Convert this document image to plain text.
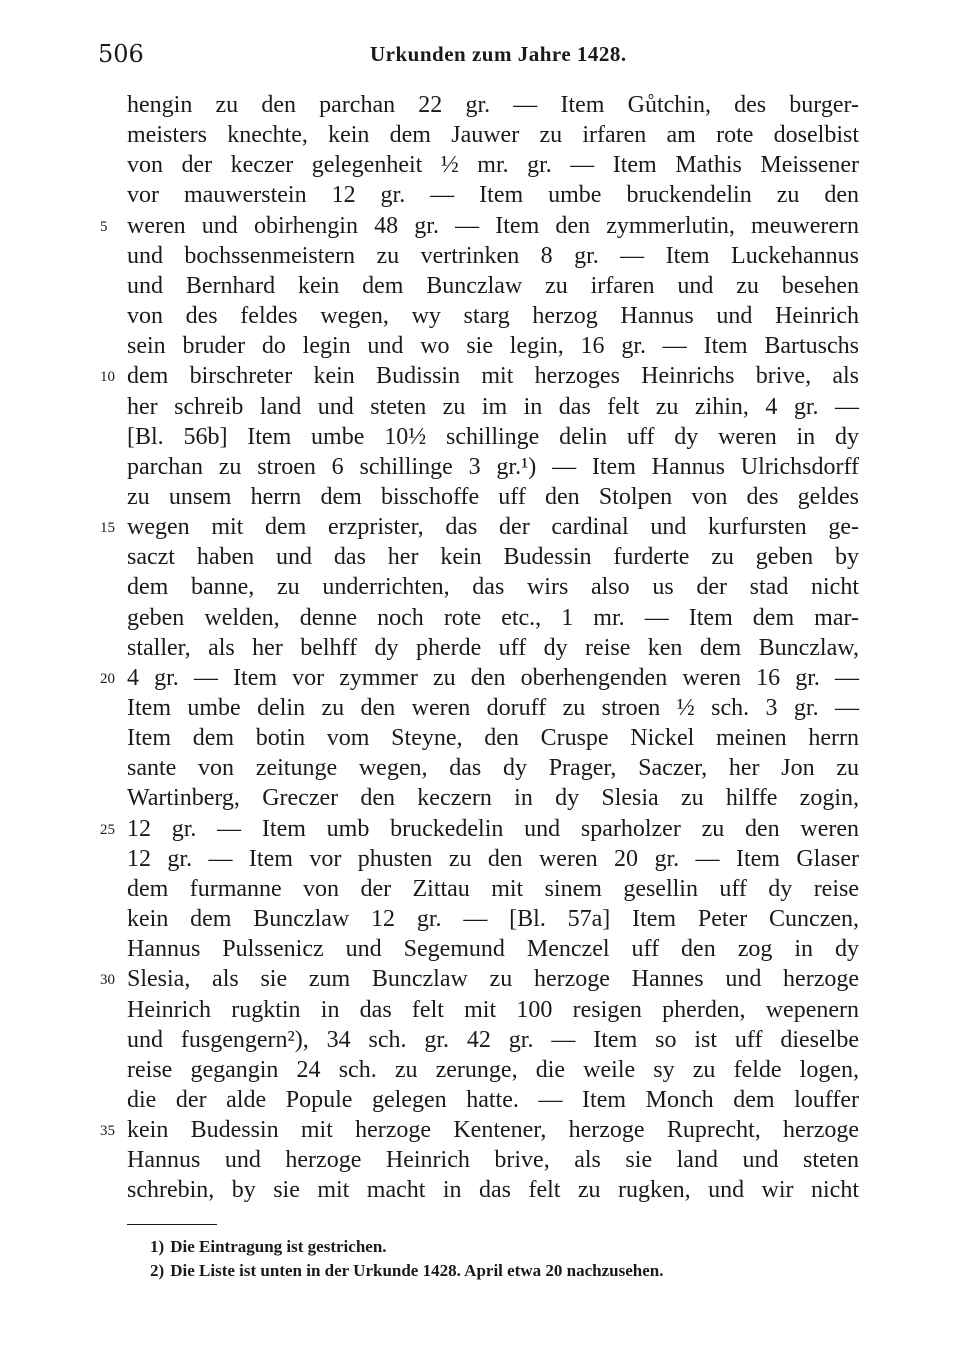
506	Urkunden zum Jahre 1428.
hengin zu den parchan 22 gr. — Item Gůtchin, des burger-
meisters knechte, kein dem Jauwer zu irfaren am rote doselbist
von der keczer gelegenheit ½ mr. gr. — Item Mathis Meissener
vor mauwerstein 12 gr. — Item umbe bruckendelin zu den
weren und obirhengin 48 gr. — Item den zymmerlutin, meuwerern
5
und bochssenmeistern zu vertrinken 8 gr. — Item Luckehannus
und Bernhard kein dem Bunczlaw zu irfaren und zu besehen
von des feldes wegen, wy starg herzog Hannus und Heinrich
sein bruder do legin und wo sie legin, 16 gr. — Item Bartuschs
dem birschreter kein Budissin mit herzoges Heinrichs brive, als
10
her schreib land und steten zu im in das felt zu zihin, 4 gr. —
[Bl. 56b] Item umbe 10½ schillinge delin uff dy weren in dy
parchan zu stroen 6 schillinge 3 gr.¹) — Item Hannus Ulrichsdorff
zu unsem herrn dem bisschoffe uff den Stolpen von des geldes
wegen mit dem erzprister, das der cardinal und kurfursten ge-
15
saczt haben und das her kein Budessin furderte zu geben by
dem banne, zu underrichten, das wirs also us der stad nicht
geben welden, denne noch rote etc., 1 mr. — Item dem mar-
staller, als her belhff dy pherde uff dy reise ken dem Bunczlaw,
4 gr. — Item vor zymmer zu den oberhengenden weren 16 gr. —
20
Item umbe delin zu den weren doruff zu stroen ½ sch. 3 gr. —
Item dem botin vom Steyne, den Cruspe Nickel meinen herrn
sante von zeitunge wegen, das dy Prager, Saczer, her Jon zu
Wartinberg, Greczer den keczern in dy Slesia zu hilffe zogin,
12 gr. — Item umb bruckedelin und sparholzer zu den weren
25
12 gr. — Item vor phusten zu den weren 20 gr. — Item Glaser
dem furmanne von der Zittau mit sinem gesellin uff dy reise
kein dem Bunczlaw 12 gr. — [Bl. 57a] Item Peter Cunczen,
Hannus Pulssenicz und Segemund Menczel uff den zog in dy
Slesia, als sie zum Bunczlaw zu herzoge Hannes und herzoge
30
Heinrich rugktin in das felt mit 100 resigen pherden, wepenern
und fusgengern²), 34 sch. gr. 42 gr. — Item so ist uff dieselbe
reise gegangin 24 sch. zu zerunge, die weile sy zu felde logen,
die der alde Popule gelegen hatte. — Item Monch dem louffer
kein Budessin mit herzoge Kentener, herzoge Ruprecht, herzoge
35
Hannus und herzoge Heinrich brive, als sie land und steten
schrebin, by sie mit macht in das felt zu rugken, und wir nicht
1) Die Eintragung ist gestrichen.
2) Die Liste ist unten in der Urkunde 1428. April etwa 20 nachzusehen.
